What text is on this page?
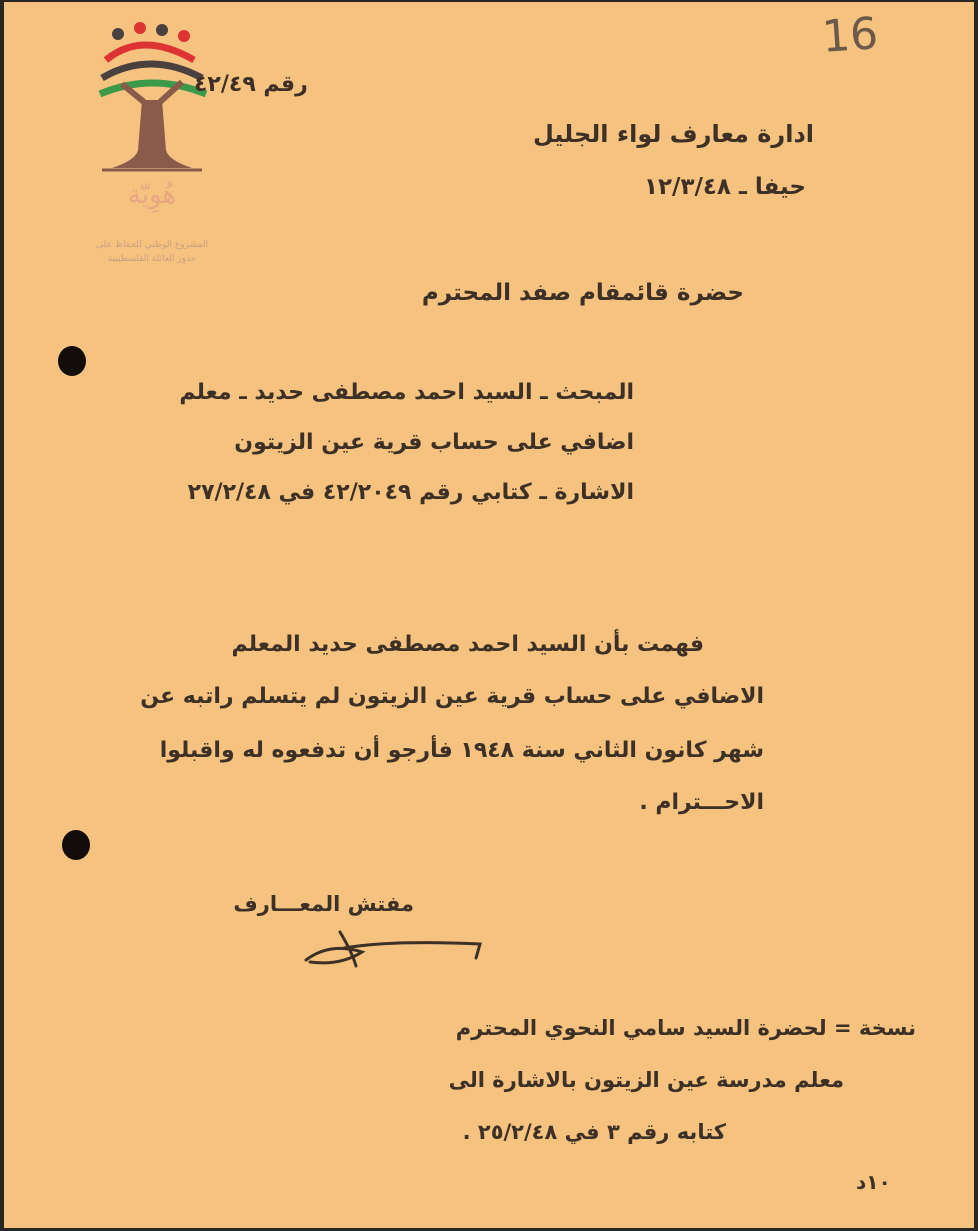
هُوِيّة
المشروع الوطني للحفاظ على
جذور العائلة الفلسطينية
16
رقم ٤٢/٤٩
ادارة معارف لواء الجليل
حيفا ـ ١٢/٣/٤٨
حضرة قائمقام صفد المحترم
المبحث ـ السيد احمد مصطفى حديد ـ معلم
اضافي على حساب قرية عين الزيتون
الاشارة ـ كتابي رقم ٤٢/٢٠٤٩ في ٢٧/٢/٤٨
فهمت بأن السيد احمد مصطفى حديد المعلم
الاضافي على حساب قرية عين الزيتون لم يتسلم راتبه عن
شهر كانون الثاني سنة ١٩٤٨ فأرجو أن تدفعوه له واقبلوا
الاحـــترام .
مفتش المعـــارف
نسخة = لحضرة السيد سامي النحوي المحترم
معلم مدرسة عين الزيتون بالاشارة الى
كتابه رقم ٣ في ٢٥/٢/٤٨ .
١٠د
